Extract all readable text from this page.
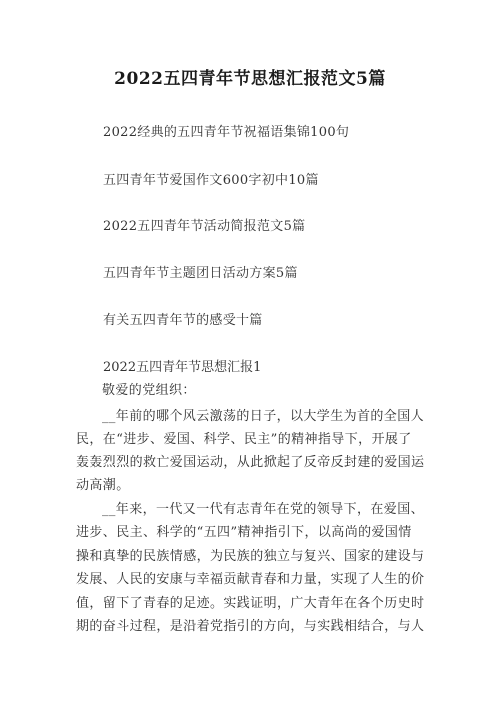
2022五四青年节思想汇报范文5篇
2022经典的五四青年节祝福语集锦100句
五四青年节爱国作文600字初中10篇
2022五四青年节活动简报范文5篇
五四青年节主题团日活动方案5篇
有关五四青年节的感受十篇
2022五四青年节思想汇报1
敬爱的党组织：
__年前的哪个风云激荡的日子，以大学生为首的全国人
民，在“进步、爱国、科学、民主”的精神指导下，开展了
轰轰烈烈的救亡爱国运动，从此掀起了反帝反封建的爱国运
动高潮。
__年来，一代又一代有志青年在党的领导下，在爱国、
进步、民主、科学的“五四”精神指引下，以高尚的爱国情
操和真挚的民族情感，为民族的独立与复兴、国家的建设与
发展、人民的安康与幸福贡献青春和力量，实现了人生的价
值，留下了青春的足迹。实践证明，广大青年在各个历史时
期的奋斗过程，是沿着党指引的方向，与实践相结合，与人
